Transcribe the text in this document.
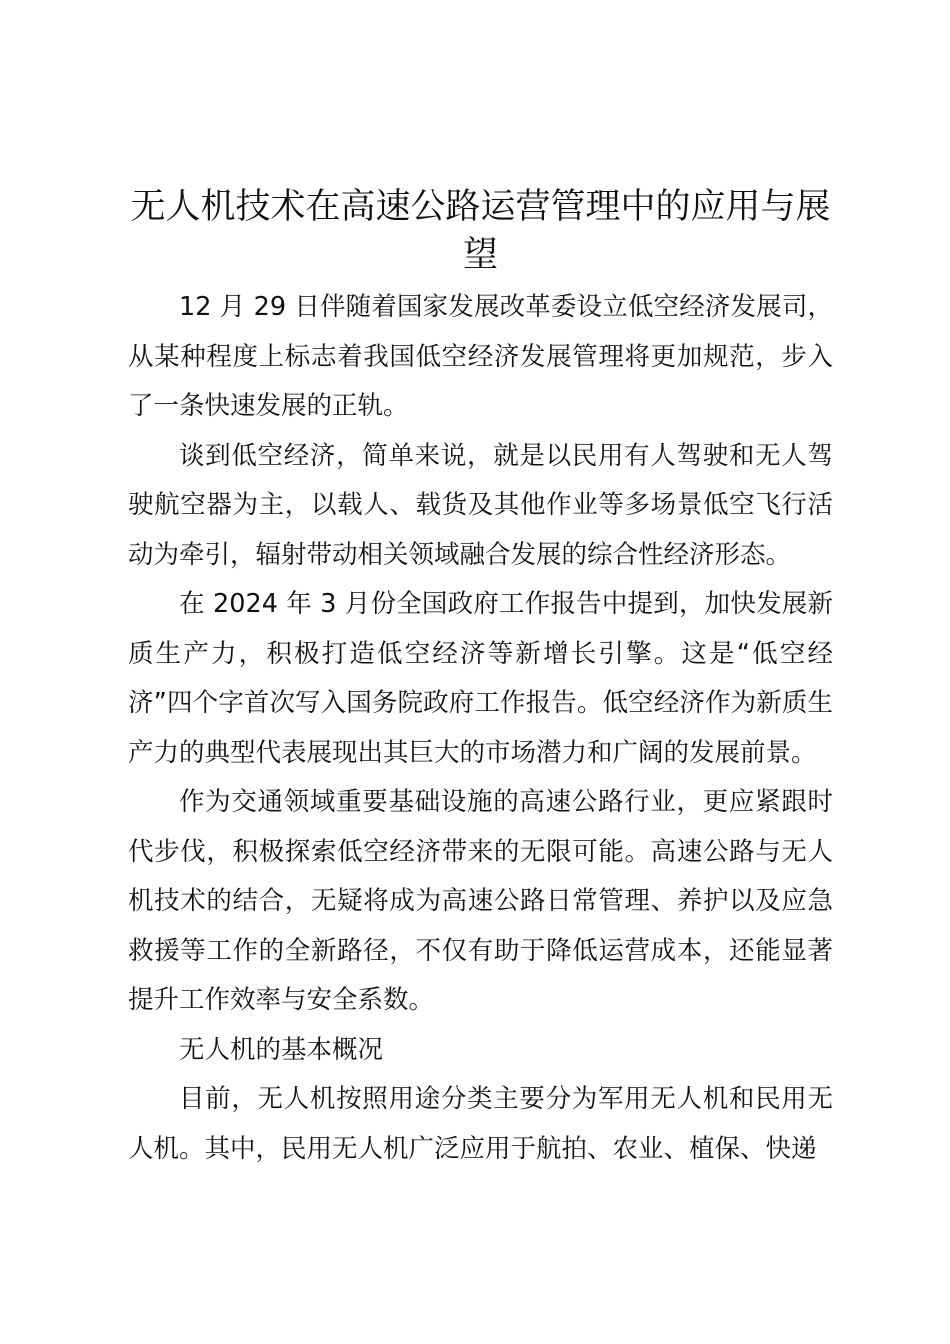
无人机技术在高速公路运营管理中的应用与展望

12 月 29 日伴随着国家发展改革委设立低空经济发展司，从某种程度上标志着我国低空经济发展管理将更加规范，步入了一条快速发展的正轨。

谈到低空经济，简单来说，就是以民用有人驾驶和无人驾驶航空器为主，以载人、载货及其他作业等多场景低空飞行活动为牵引，辐射带动相关领域融合发展的综合性经济形态。

在 2024 年 3 月份全国政府工作报告中提到，加快发展新质生产力，积极打造低空经济等新增长引擎。这是“低空经济”四个字首次写入国务院政府工作报告。低空经济作为新质生产力的典型代表展现出其巨大的市场潜力和广阔的发展前景。

作为交通领域重要基础设施的高速公路行业，更应紧跟时代步伐，积极探索低空经济带来的无限可能。高速公路与无人机技术的结合，无疑将成为高速公路日常管理、养护以及应急救援等工作的全新路径，不仅有助于降低运营成本，还能显著提升工作效率与安全系数。

无人机的基本概况

目前，无人机按照用途分类主要分为军用无人机和民用无人机。其中，民用无人机广泛应用于航拍、农业、植保、快递
